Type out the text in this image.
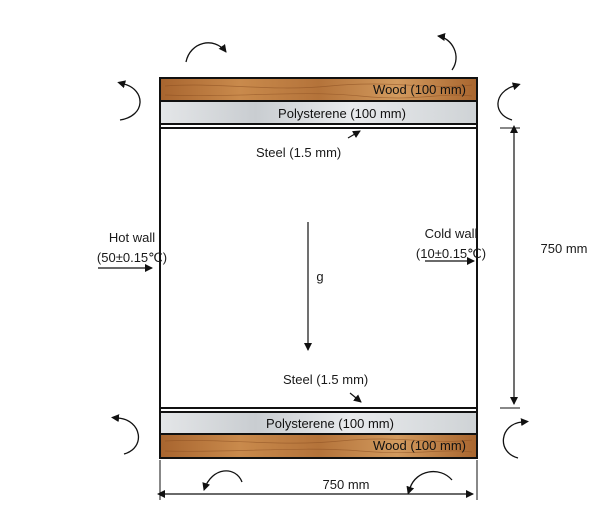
Wood (100 mm)
Polysterene (100 mm)
Steel (1.5 mm)
Steel (1.5 mm)
Polysterene (100 mm)
Wood (100 mm)
Hot wall
(50±0.15℃)
Cold wall
(10±0.15℃)
g
750 mm
750 mm
